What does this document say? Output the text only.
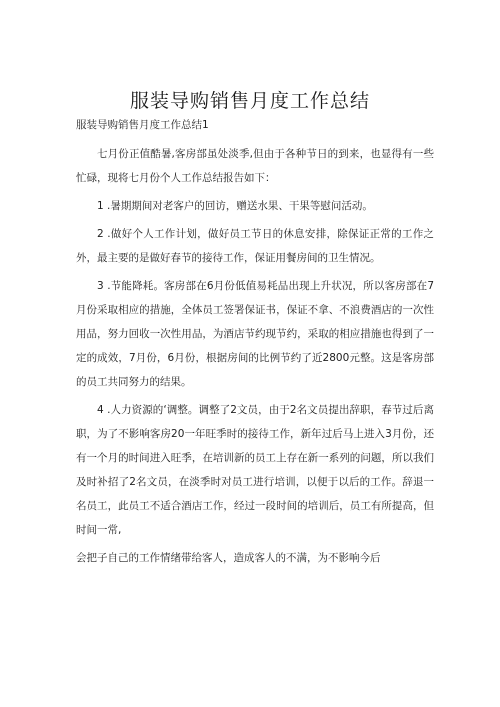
服装导购销售月度工作总结
服装导购销售月度工作总结1

七月份正值酷暑,客房部虽处淡季,但由于各种节日的到来，也显得有一些忙碌，现将七月份个人工作总结报告如下：

1 .暑期期间对老客户的回访，赠送水果、干果等慰问活动。

2 .做好个人工作计划，做好员工节日的休息安排，除保证正常的工作之外，最主要的是做好春节的接待工作，保证用餐房间的卫生情况。

3 .节能降耗。客房部在6月份低值易耗品出现上升状况，所以客房部在7月份采取相应的措施，全体员工签署保证书，保证不拿、不浪费酒店的一次性用品，努力回收一次性用品，为酒店节约现节约，采取的相应措施也得到了一定的成效，7月份，6月份，根据房间的比例节约了近2800元整。这是客房部的员工共同努力的结果。

4 .人力资源的‘调整。调整了2文员，由于2名文员提出辞职，春节过后离职，为了不影响客房20一年旺季时的接待工作，新年过后马上进入3月份，还有一个月的时间进入旺季，在培训新的员工上存在新一系列的问题，所以我们及时补招了2名文员，在淡季时对员工进行培训，以便于以后的工作。辞退一名员工，此员工不适合酒店工作，经过一段时间的培训后，员工有所提高，但时间一常,

会把子自己的工作情绪带给客人，造成客人的不满，为不影响今后
